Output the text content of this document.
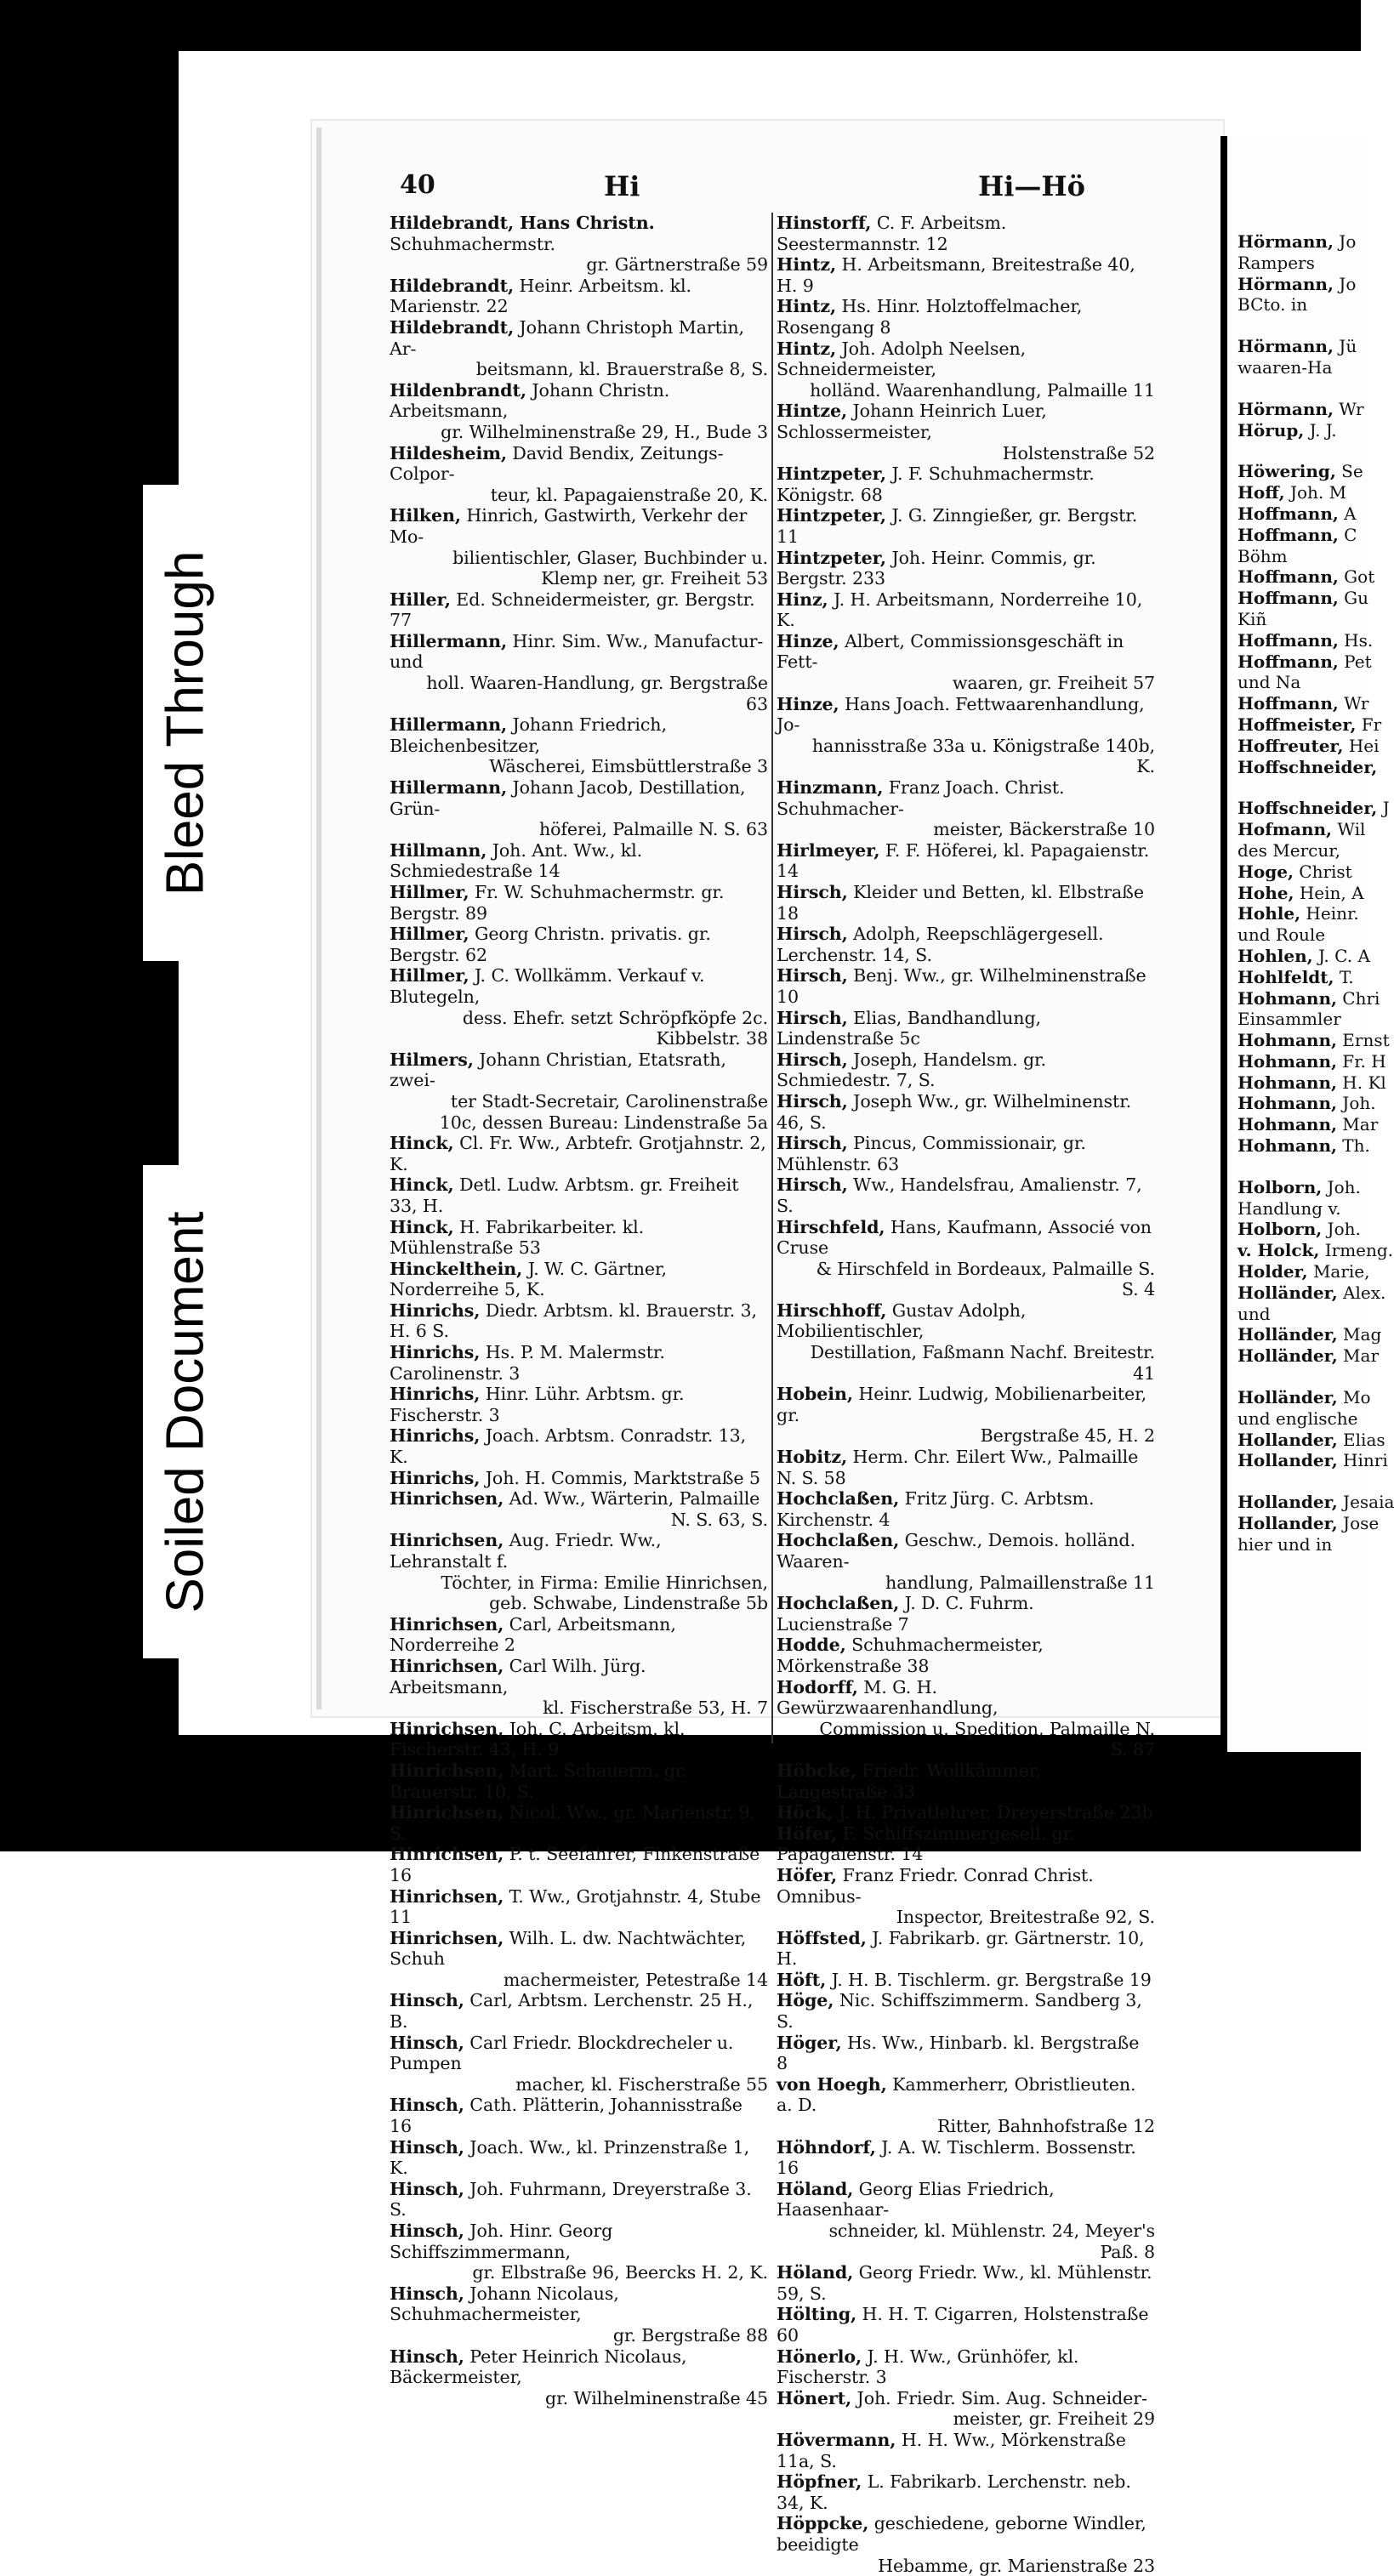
Bleed Through
Soiled Document
40	Hi	Hi—Hö

Hildebrandt, Hans Christn. Schuhmachermstr.
gr. Gärtnerstraße 59

Hildebrandt, Heinr. Arbeitsm. kl. Marienstr. 22

Hildebrandt, Johann Christoph Martin, Ar-
beitsmann, kl. Brauerstraße 8, S.

Hildenbrandt, Johann Christn. Arbeitsmann,
gr. Wilhelminenstraße 29, H., Bude 3

Hildesheim, David Bendix, Zeitungs-Colpor-
teur, kl. Papagaienstraße 20, K.

Hilken, Hinrich, Gastwirth, Verkehr der Mo-
bilientischler, Glaser, Buchbinder u. Klemp ner, gr. Freiheit 53

Hiller, Ed. Schneidermeister, gr. Bergstr. 77

Hillermann, Hinr. Sim. Ww., Manufactur- und
holl. Waaren-Handlung, gr. Bergstraße 63

Hillermann, Johann Friedrich, Bleichenbesitzer,
Wäscherei, Eimsbüttlerstraße 3

Hillermann, Johann Jacob, Destillation, Grün-
höferei, Palmaille N. S. 63

Hillmann, Joh. Ant. Ww., kl. Schmiedestraße 14

Hillmer, Fr. W. Schuhmachermstr. gr. Bergstr. 89

Hillmer, Georg Christn. privatis. gr. Bergstr. 62

Hillmer, J. C. Wollkämm. Verkauf v. Blutegeln,
dess. Ehefr. setzt Schröpfköpfe 2c. Kibbelstr. 38

Hilmers, Johann Christian, Etatsrath, zwei-
ter Stadt-Secretair, Carolinenstraße 10c, dessen Bureau: Lindenstraße 5a

Hinck, Cl. Fr. Ww., Arbtefr. Grotjahnstr. 2, K.

Hinck, Detl. Ludw. Arbtsm. gr. Freiheit 33, H.

Hinck, H. Fabrikarbeiter. kl. Mühlenstraße 53

Hinckelthein, J. W. C. Gärtner, Norderreihe 5, K.

Hinrichs, Diedr. Arbtsm. kl. Brauerstr. 3, H. 6 S.

Hinrichs, Hs. P. M. Malermstr. Carolinenstr. 3

Hinrichs, Hinr. Lühr. Arbtsm. gr. Fischerstr. 3

Hinrichs, Joach. Arbtsm. Conradstr. 13, K.

Hinrichs, Joh. H. Commis, Marktstraße 5

Hinrichsen, Ad. Ww., Wärterin, Palmaille
N. S. 63, S.

Hinrichsen, Aug. Friedr. Ww., Lehranstalt f.
Töchter, in Firma: Emilie Hinrichsen, geb. Schwabe, Lindenstraße 5b

Hinrichsen, Carl, Arbeitsmann, Norderreihe 2

Hinrichsen, Carl Wilh. Jürg. Arbeitsmann,
kl. Fischerstraße 53, H. 7

Hinrichsen, Joh. C. Arbeitsm. kl. Fischerstr. 43, H. 9

Hinrichsen, Mart. Schauerm. gr. Brauerstr. 10, S.

Hinrichsen, Nicol. Ww., gr. Marienstr. 9, S.

Hinrichsen, P. t. Seefahrer, Finkenstraße 16

Hinrichsen, T. Ww., Grotjahnstr. 4, Stube 11

Hinrichsen, Wilh. L. dw. Nachtwächter, Schuh
machermeister, Petestraße 14

Hinsch, Carl, Arbtsm. Lerchenstr. 25 H., B.

Hinsch, Carl Friedr. Blockdrecheler u. Pumpen
macher, kl. Fischerstraße 55

Hinsch, Cath. Plätterin, Johannisstraße 16

Hinsch, Joach. Ww., kl. Prinzenstraße 1, K.

Hinsch, Joh. Fuhrmann, Dreyerstraße 3. S.

Hinsch, Joh. Hinr. Georg Schiffszimmermann,
gr. Elbstraße 96, Beercks H. 2, K.

Hinsch, Johann Nicolaus, Schuhmachermeister,
gr. Bergstraße 88

Hinsch, Peter Heinrich Nicolaus, Bäckermeister,
gr. Wilhelminenstraße 45

Hinstorff, C. F. Arbeitsm. Seestermannstr. 12

Hintz, H. Arbeitsmann, Breitestraße 40, H. 9

Hintz, Hs. Hinr. Holztoffelmacher, Rosengang 8

Hintz, Joh. Adolph Neelsen, Schneidermeister,
holländ. Waarenhandlung, Palmaille 11

Hintze, Johann Heinrich Luer, Schlossermeister,
Holstenstraße 52

Hintzpeter, J. F. Schuhmachermstr. Königstr. 68

Hintzpeter, J. G. Zinngießer, gr. Bergstr. 11

Hintzpeter, Joh. Heinr. Commis, gr. Bergstr. 233

Hinz, J. H. Arbeitsmann, Norderreihe 10, K.

Hinze, Albert, Commissionsgeschäft in Fett-
waaren, gr. Freiheit 57

Hinze, Hans Joach. Fettwaarenhandlung, Jo-
hannisstraße 33a u. Königstraße 140b, K.

Hinzmann, Franz Joach. Christ. Schuhmacher-
meister, Bäckerstraße 10

Hirlmeyer, F. F. Höferei, kl. Papagaienstr. 14

Hirsch, Kleider und Betten, kl. Elbstraße 18

Hirsch, Adolph, Reepschlägergesell. Lerchenstr. 14, S.

Hirsch, Benj. Ww., gr. Wilhelminenstraße 10

Hirsch, Elias, Bandhandlung, Lindenstraße 5c

Hirsch, Joseph, Handelsm. gr. Schmiedestr. 7, S.

Hirsch, Joseph Ww., gr. Wilhelminenstr. 46, S.

Hirsch, Pincus, Commissionair, gr. Mühlenstr. 63

Hirsch, Ww., Handelsfrau, Amalienstr. 7, S.

Hirschfeld, Hans, Kaufmann, Associé von Cruse
& Hirschfeld in Bordeaux, Palmaille S. S. 4

Hirschhoff, Gustav Adolph, Mobilientischler,
Destillation, Faßmann Nachf. Breitestr. 41

Hobein, Heinr. Ludwig, Mobilienarbeiter, gr.
Bergstraße 45, H. 2

Hobitz, Herm. Chr. Eilert Ww., Palmaille N. S. 58

Hochclaßen, Fritz Jürg. C. Arbtsm. Kirchenstr. 4

Hochclaßen, Geschw., Demois. holländ. Waaren-
handlung, Palmaillenstraße 11

Hochclaßen, J. D. C. Fuhrm. Lucienstraße 7

Hodde, Schuhmachermeister, Mörkenstraße 38

Hodorff, M. G. H. Gewürzwaarenhandlung,
Commission u. Spedition, Palmaille N. S. 87

Höbcke, Friedr. Wollkämmer, Langestraße 33

Höck, J. H. Privatlehrer, Dreyerstraße 23b

Höfer, F. Schiffszimmergesell. gr. Papagaienstr. 14

Höfer, Franz Friedr. Conrad Christ. Omnibus-
Inspector, Breitestraße 92, S.

Höffsted, J. Fabrikarb. gr. Gärtnerstr. 10, H.

Höft, J. H. B. Tischlerm. gr. Bergstraße 19

Höge, Nic. Schiffszimmerm. Sandberg 3, S.

Höger, Hs. Ww., Hinbarb. kl. Bergstraße 8

von Hoegh, Kammerherr, Obristlieuten. a. D.
Ritter, Bahnhofstraße 12

Höhndorf, J. A. W. Tischlerm. Bossenstr. 16

Höland, Georg Elias Friedrich, Haasenhaar-
schneider, kl. Mühlenstr. 24, Meyer's Paß. 8

Höland, Georg Friedr. Ww., kl. Mühlenstr. 59, S.

Hölting, H. H. T. Cigarren, Holstenstraße 60

Hönerlo, J. H. Ww., Grünhöfer, kl. Fischerstr. 3

Hönert, Joh. Friedr. Sim. Aug. Schneider-
meister, gr. Freiheit 29

Hövermann, H. H. Ww., Mörkenstraße 11a, S.

Höpfner, L. Fabrikarb. Lerchenstr. neb. 34, K.

Höppcke, geschiedene, geborne Windler, beeidigte
Hebamme, gr. Marienstraße 23

Hörmann, Jo
Rampers
Hörmann, Jo
BCto. in
Hörmann, Jü
waaren-Ha
Hörmann, Wr
Hörup, J. J.
Höwering, Se
Hoff, Joh. M
Hoffmann, A
Hoffmann, C
Böhm
Hoffmann, Got
Hoffmann, Gu
Kiñ
Hoffmann, Hs.
Hoffmann, Pet
und Na
Hoffmann, Wr
Hoffmeister, Fr
Hoffreuter, Hei
Hoffschneider,
Hoffschneider, J
Hofmann, Wil
des Mercur,
Hoge, Christ
Hohe, Hein, A
Hohle, Heinr.
und Roule
Hohlen, J. C. A
Hohlfeldt, T.
Hohmann, Chri
Einsammler
Hohmann, Ernst
Hohmann, Fr. H
Hohmann, H. Kl
Hohmann, Joh.
Hohmann, Mar
Hohmann, Th.
Holborn, Joh.
Handlung v.
Holborn, Joh.
v. Holck, Irmeng.
Holder, Marie,
Holländer, Alex.
und
Holländer, Mag
Holländer, Mar
Holländer, Mo
und englische
Hollander, Elias
Hollander, Hinri
Hollander, Jesaia
Hollander, Jose
hier und in
